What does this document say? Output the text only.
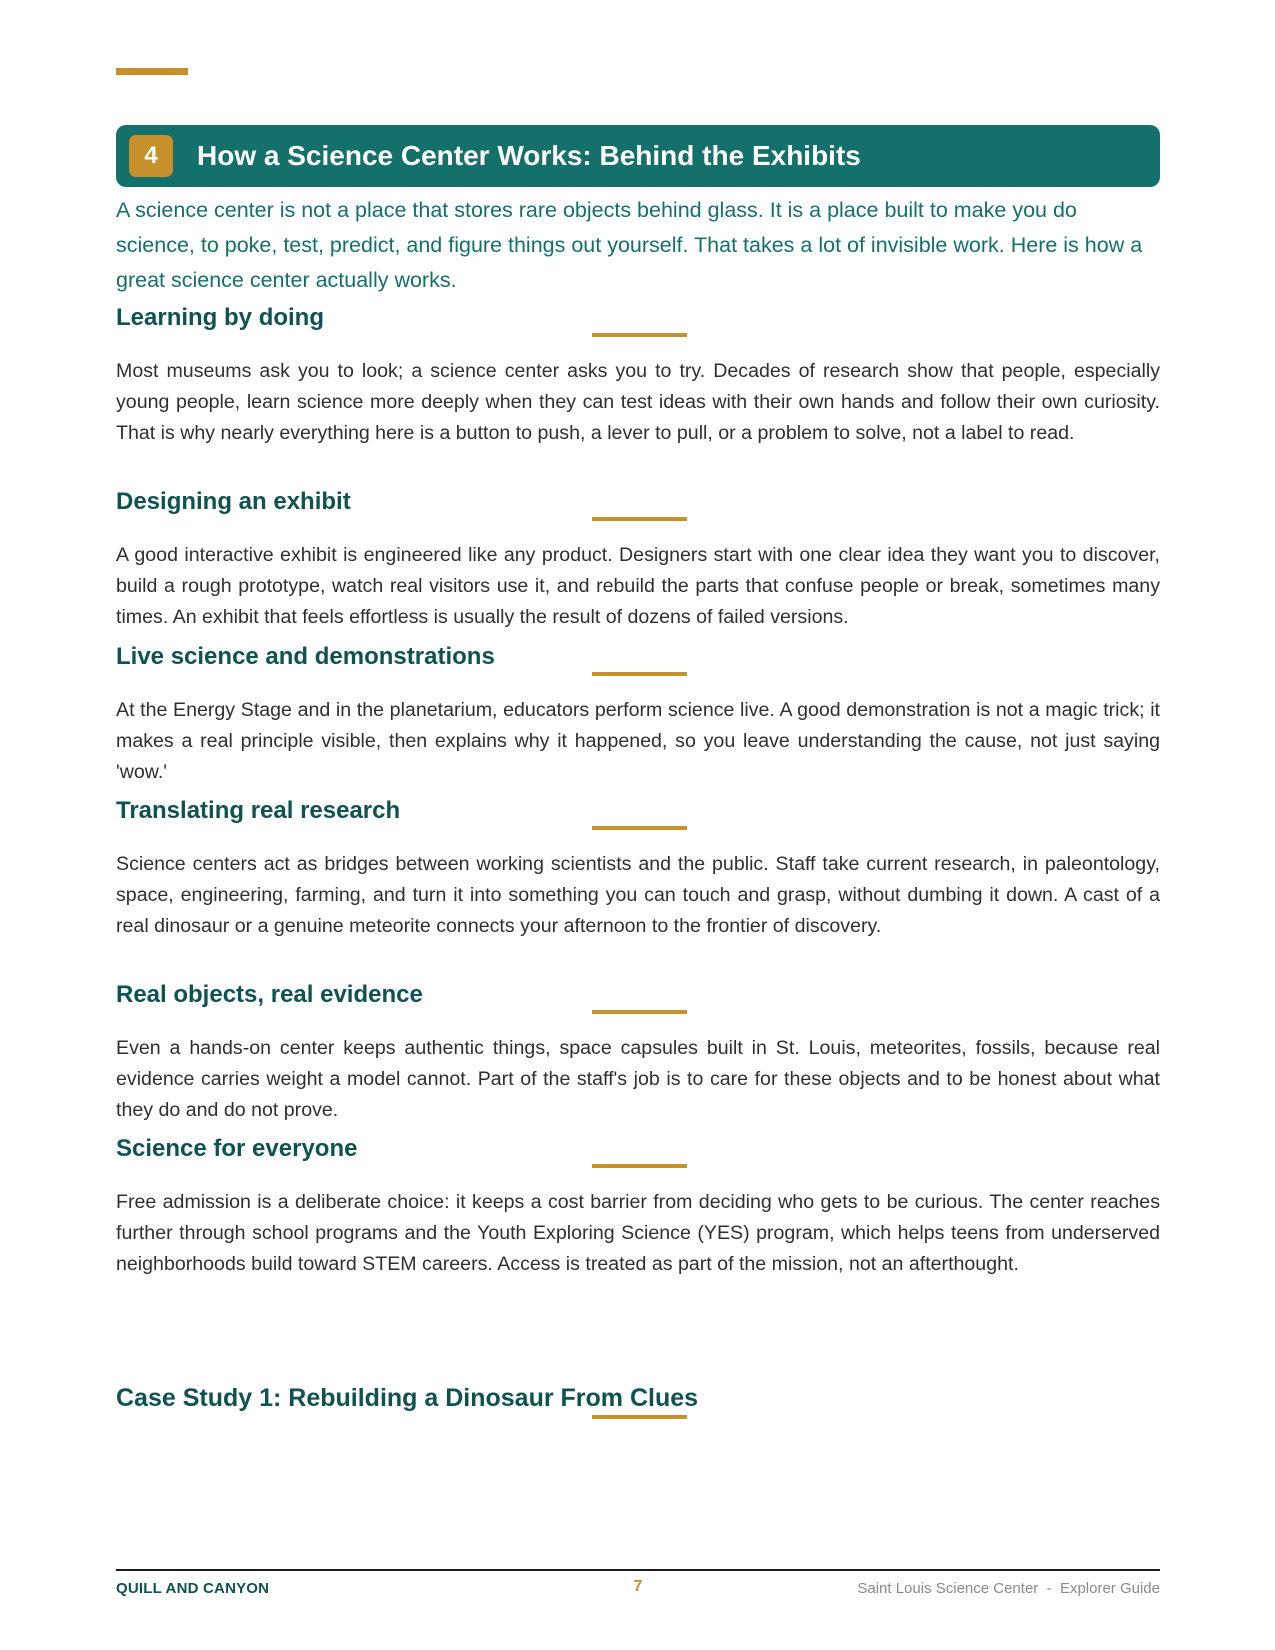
4	How a Science Center Works: Behind the Exhibits

A science center is not a place that stores rare objects behind glass. It is a place built to make you do science, to poke, test, predict, and figure things out yourself. That takes a lot of invisible work. Here is how a great science center actually works.

Learning by doing

Most museums ask you to look; a science center asks you to try. Decades of research show that people, especially young people, learn science more deeply when they can test ideas with their own hands and follow their own curiosity. That is why nearly everything here is a button to push, a lever to pull, or a problem to solve, not a label to read.

Designing an exhibit

A good interactive exhibit is engineered like any product. Designers start with one clear idea they want you to discover, build a rough prototype, watch real visitors use it, and rebuild the parts that confuse people or break, sometimes many times. An exhibit that feels effortless is usually the result of dozens of failed versions.

Live science and demonstrations

At the Energy Stage and in the planetarium, educators perform science live. A good demonstration is not a magic trick; it makes a real principle visible, then explains why it happened, so you leave understanding the cause, not just saying 'wow.'

Translating real research

Science centers act as bridges between working scientists and the public. Staff take current research, in paleontology, space, engineering, farming, and turn it into something you can touch and grasp, without dumbing it down. A cast of a real dinosaur or a genuine meteorite connects your afternoon to the frontier of discovery.

Real objects, real evidence

Even a hands-on center keeps authentic things, space capsules built in St. Louis, meteorites, fossils, because real evidence carries weight a model cannot. Part of the staff's job is to care for these objects and to be honest about what they do and do not prove.

Science for everyone

Free admission is a deliberate choice: it keeps a cost barrier from deciding who gets to be curious. The center reaches further through school programs and the Youth Exploring Science (YES) program, which helps teens from underserved neighborhoods build toward STEM careers. Access is treated as part of the mission, not an afterthought.

Case Study 1: Rebuilding a Dinosaur From Clues
QUILL AND CANYON	7	Saint Louis Science Center  -  Explorer Guide
